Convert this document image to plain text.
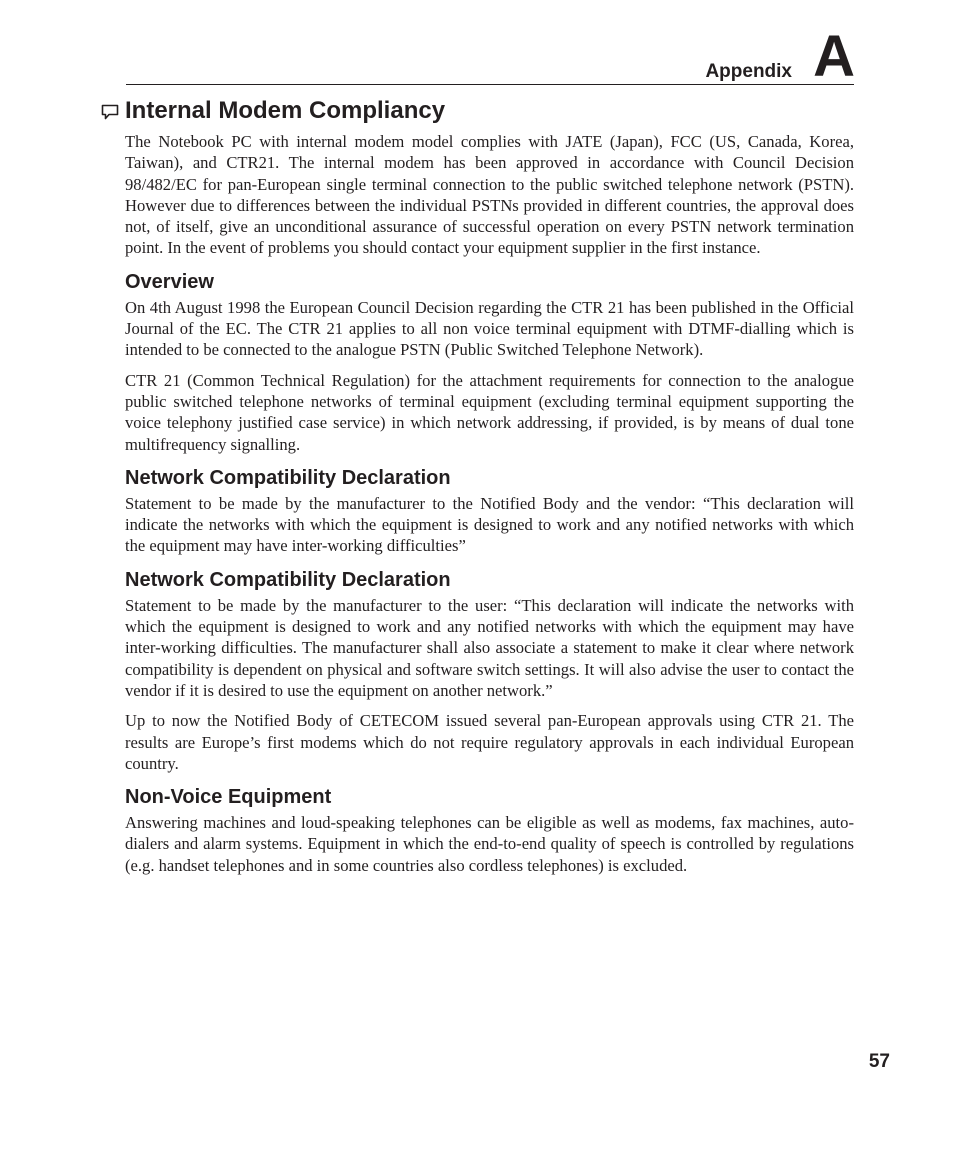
Appendix A
Internal Modem Compliancy

The Notebook PC with internal modem model complies with JATE (Japan), FCC (US, Canada, Korea, Taiwan), and CTR21. The internal modem has been approved in accordance with Council Decision 98/482/EC for pan-European single terminal connection to the public switched telephone network (PSTN). However due to differences between the individual PSTNs provided in different countries, the approval does not, of itself, give an unconditional assurance of successful operation on every PSTN network termination point. In the event of problems you should contact your equipment supplier in the first instance.

Overview

On 4th August 1998 the European Council Decision regarding the CTR 21 has been published in the Official Journal of the EC. The CTR 21 applies to all non voice terminal equipment with DTMF-dialling which is intended to be connected to the analogue PSTN (Public Switched Telephone Network).

CTR 21 (Common Technical Regulation) for the attachment requirements for connection to the analogue public switched telephone networks of terminal equipment (excluding terminal equipment supporting the voice telephony justified case service) in which network addressing, if provided, is by means of dual tone multifrequency signalling.

Network Compatibility Declaration

Statement to be made by the manufacturer to the Notified Body and the vendor: “This declaration will indicate the networks with which the equipment is designed to work and any notified networks with which the equipment may have inter-working difficulties”

Network Compatibility Declaration

Statement to be made by the manufacturer to the user: “This declaration will indicate the networks with which the equipment is designed to work and any notified networks with which the equipment may have inter-working difficulties. The manufacturer shall also associate a statement to make it clear where network compatibility is dependent on physical and software switch settings. It will also advise the user to contact the vendor if it is desired to use the equipment on another network.”

Up to now the Notified Body of CETECOM issued several pan-European approvals using CTR 21. The results are Europe’s first modems which do not require regulatory approvals in each individual European country.

Non-Voice Equipment

Answering machines and loud-speaking telephones can be eligible as well as modems, fax machines, auto-dialers and alarm systems. Equipment in which the end-to-end quality of speech is controlled by regulations (e.g. handset telephones and in some countries also cordless telephones) is excluded.

57
